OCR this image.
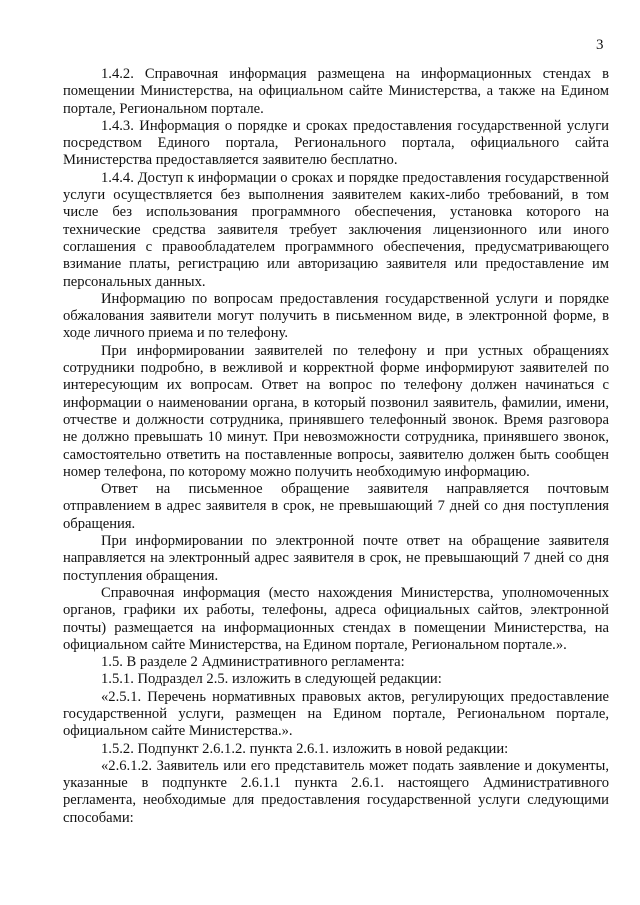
3

1.4.2. Справочная информация размещена на информационных стендах в помещении Министерства, на официальном сайте Министерства, а также на Едином портале, Региональном портале.

1.4.3. Информация о порядке и сроках предоставления государственной услуги посредством Единого портала, Регионального портала, официального сайта Министерства предоставляется заявителю бесплатно.

1.4.4. Доступ к информации о сроках и порядке предоставления государственной услуги осуществляется без выполнения заявителем каких-либо требований, в том числе без использования программного обеспечения, установка которого на технические средства заявителя требует заключения лицензионного или иного соглашения с правообладателем программного обеспечения, предусматривающего взимание платы, регистрацию или авторизацию заявителя или предоставление им персональных данных.

Информацию по вопросам предоставления государственной услуги и порядке обжалования заявители могут получить в письменном виде, в электронной форме, в ходе личного приема и по телефону.

При информировании заявителей по телефону и при устных обращениях сотрудники подробно, в вежливой и корректной форме информируют заявителей по интересующим их вопросам. Ответ на вопрос по телефону должен начинаться с информации о наименовании органа, в который позвонил заявитель, фамилии, имени, отчестве и должности сотрудника, принявшего телефонный звонок. Время разговора не должно превышать 10 минут. При невозможности сотрудника, принявшего звонок, самостоятельно ответить на поставленные вопросы, заявителю должен быть сообщен номер телефона, по которому можно получить необходимую информацию.

Ответ на письменное обращение заявителя направляется почтовым отправлением в адрес заявителя в срок, не превышающий 7 дней со дня поступления обращения.

При информировании по электронной почте ответ на обращение заявителя направляется на электронный адрес заявителя в срок, не превышающий 7 дней со дня поступления обращения.

Справочная информация (место нахождения Министерства, уполномоченных органов, графики их работы, телефоны, адреса официальных сайтов, электронной почты) размещается на информационных стендах в помещении Министерства, на официальном сайте Министерства, на Едином портале, Региональном портале.».

1.5. В разделе 2 Административного регламента:

1.5.1. Подраздел 2.5. изложить в следующей редакции:

«2.5.1. Перечень нормативных правовых актов, регулирующих предоставление государственной услуги, размещен на Едином портале, Региональном портале, официальном сайте Министерства.».

1.5.2. Подпункт 2.6.1.2. пункта 2.6.1. изложить в новой редакции:

«2.6.1.2. Заявитель или его представитель может подать заявление и документы, указанные в подпункте 2.6.1.1 пункта 2.6.1. настоящего Административного регламента, необходимые для предоставления государственной услуги следующими способами:
